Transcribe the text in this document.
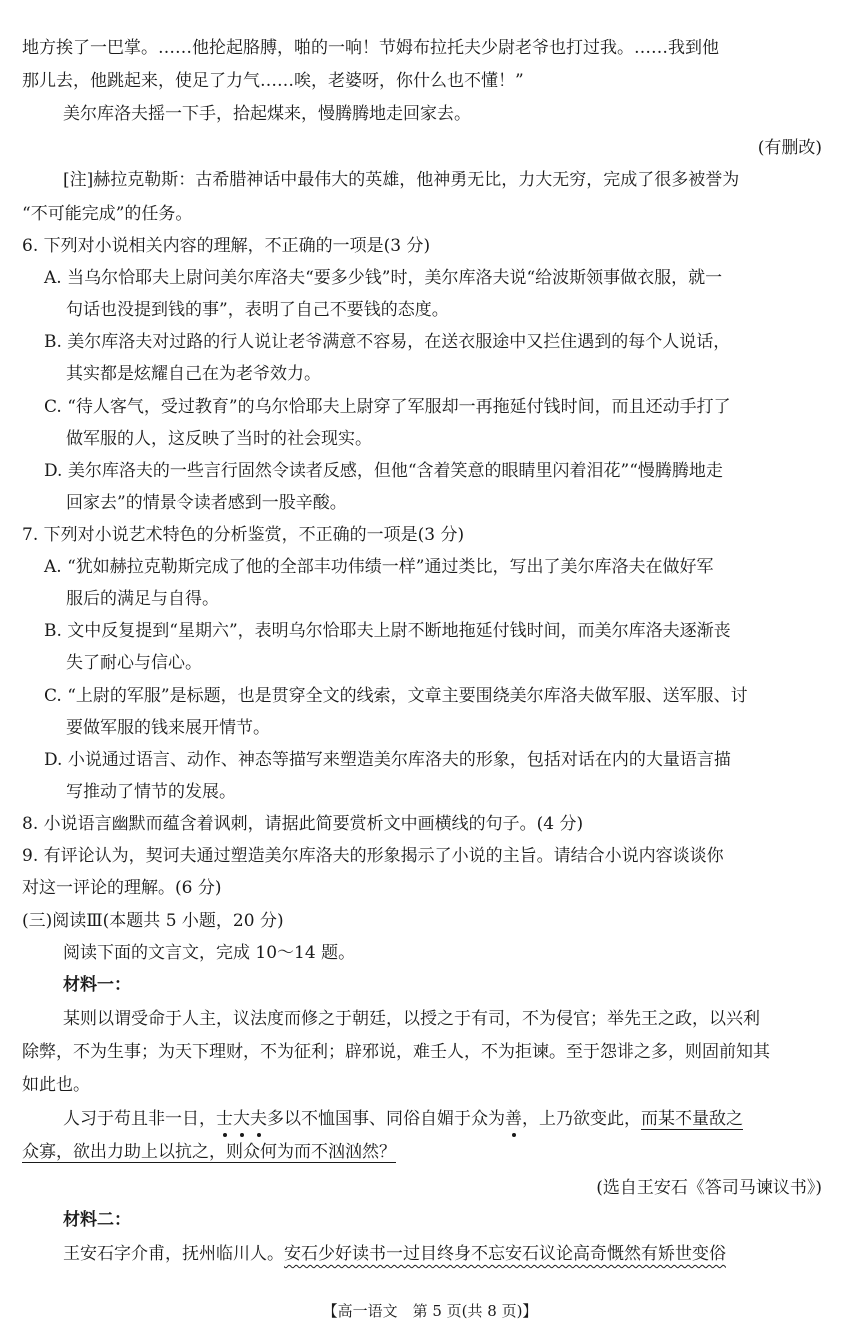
地方挨了一巴掌。……他抡起胳膊，啪的一响！节姆布拉托夫少尉老爷也打过我。……我到他
那儿去，他跳起来，使足了力气……唉，老婆呀，你什么也不懂！”
美尔库洛夫摇一下手，拾起煤来，慢腾腾地走回家去。
(有删改)
[注]赫拉克勒斯：古希腊神话中最伟大的英雄，他神勇无比，力大无穷，完成了很多被誉为
“不可能完成”的任务。
6. 下列对小说相关内容的理解，不正确的一项是(3 分)
A. 当乌尔恰耶夫上尉问美尔库洛夫“要多少钱”时，美尔库洛夫说“给波斯领事做衣服，就一
句话也没提到钱的事”，表明了自己不要钱的态度。
B. 美尔库洛夫对过路的行人说让老爷满意不容易，在送衣服途中又拦住遇到的每个人说话，
其实都是炫耀自己在为老爷效力。
C. “待人客气，受过教育”的乌尔恰耶夫上尉穿了军服却一再拖延付钱时间，而且还动手打了
做军服的人，这反映了当时的社会现实。
D. 美尔库洛夫的一些言行固然令读者反感，但他“含着笑意的眼睛里闪着泪花”“慢腾腾地走
回家去”的情景令读者感到一股辛酸。
7. 下列对小说艺术特色的分析鉴赏，不正确的一项是(3 分)
A. “犹如赫拉克勒斯完成了他的全部丰功伟绩一样”通过类比，写出了美尔库洛夫在做好军
服后的满足与自得。
B. 文中反复提到“星期六”，表明乌尔恰耶夫上尉不断地拖延付钱时间，而美尔库洛夫逐渐丧
失了耐心与信心。
C. “上尉的军服”是标题，也是贯穿全文的线索，文章主要围绕美尔库洛夫做军服、送军服、讨
要做军服的钱来展开情节。
D. 小说通过语言、动作、神态等描写来塑造美尔库洛夫的形象，包括对话在内的大量语言描
写推动了情节的发展。
8. 小说语言幽默而蕴含着讽刺，请据此简要赏析文中画横线的句子。(4 分)
9. 有评论认为，契诃夫通过塑造美尔库洛夫的形象揭示了小说的主旨。请结合小说内容谈谈你
对这一评论的理解。(6 分)
(三)阅读Ⅲ(本题共 5 小题，20 分)
阅读下面的文言文，完成 10～14 题。
材料一：
某则以谓受命于人主，议法度而修之于朝廷，以授之于有司，不为侵官；举先王之政，以兴利
除弊，不为生事；为天下理财，不为征利；辟邪说，难壬人，不为拒谏。至于怨诽之多，则固前知其
如此也。
人习于苟且非一日，士大夫多以不恤国事、同俗自媚于众为善，上乃欲变此，而某不量敌之
众寡，欲出力助上以抗之，则众何为而不汹汹然？
(选自王安石《答司马谏议书》)
材料二：
王安石字介甫，抚州临川人。安石少好读书一过目终身不忘安石议论高奇慨然有矫世变俗
【高一语文　第 5 页(共 8 页)】
